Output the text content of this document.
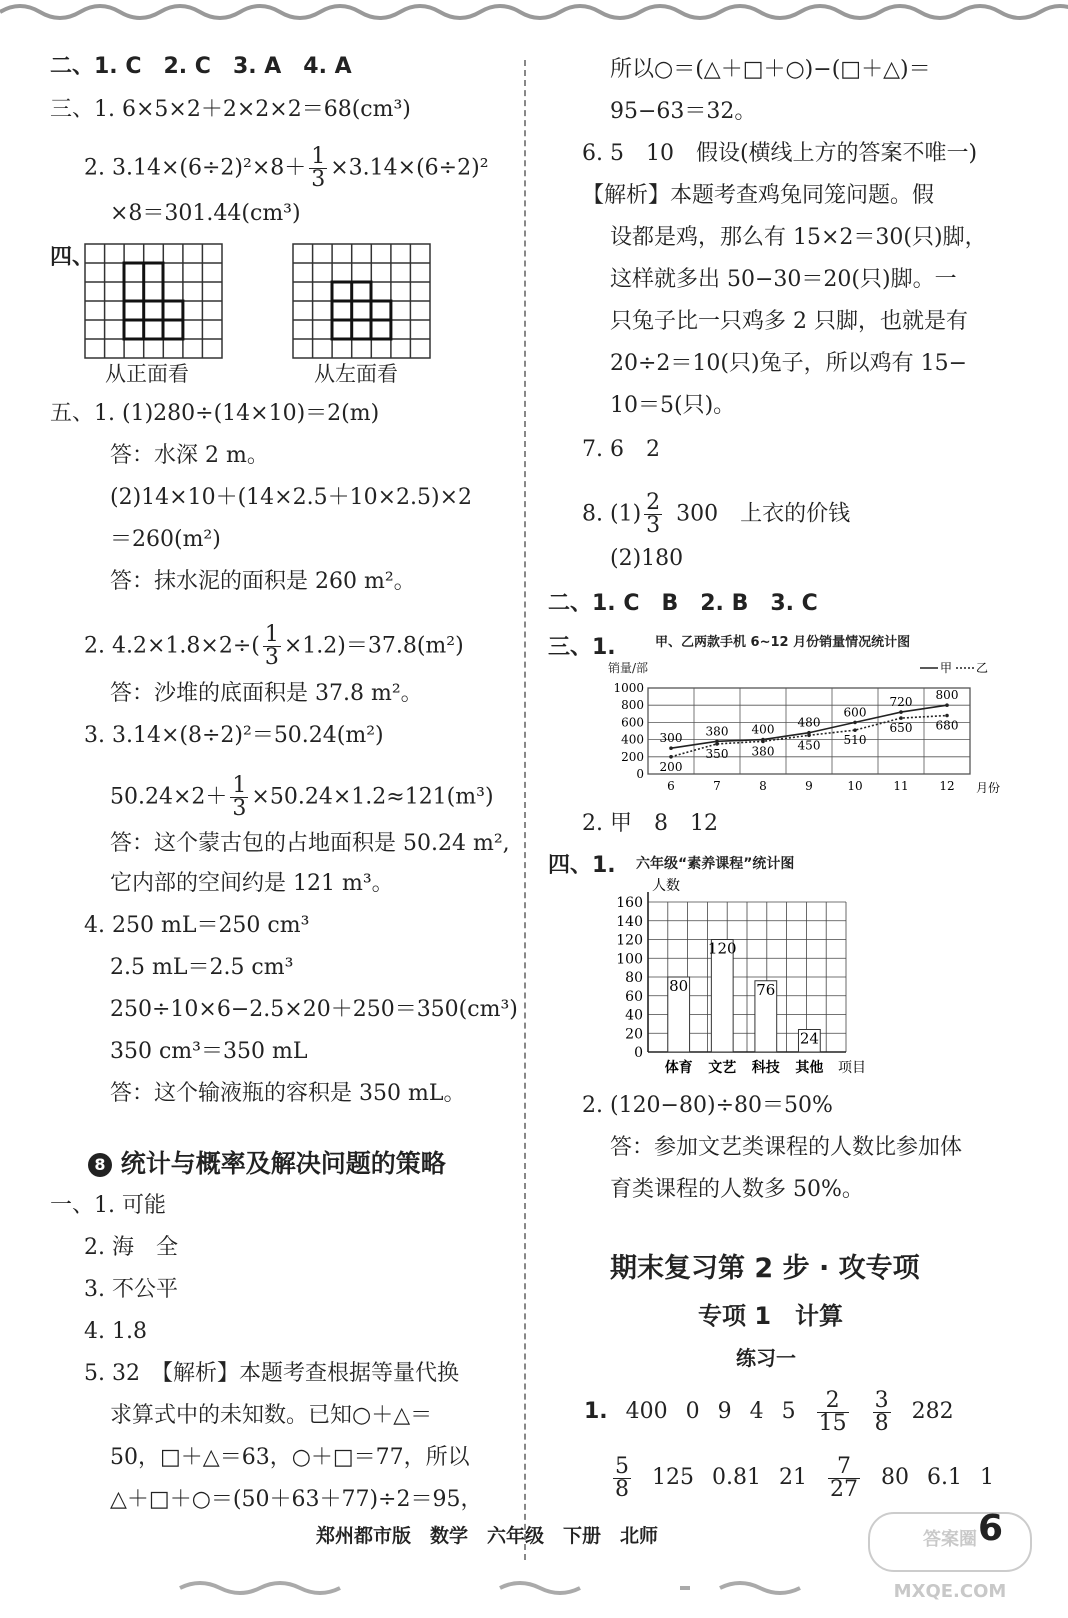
二、1. C　2. C　3. A　4. A
三、1. 6×5×2＋2×2×2＝68(cm³)
2. $3.14\times(6\div 2)^2\times 8+ \frac{1}{3} \times 3.14\times(6\div 2)^2$
×8＝301.44(cm³)
四、
从正面看	从左面看
五、1. (1)280÷(14×10)＝2(m)
答：水深 2 m。
(2)14×10＋(14×2.5＋10×2.5)×2
＝260(m²)
答：抹水泥的面积是 260 m²。
2. $4.2\times 1.8\times 2\div( \frac{1}{3} \times 1.2)=37.8(m^2)$
答：沙堆的底面积是 37.8 m²。
3. 3.14×(8÷2)²＝50.24(m²)
$50.24\times 2+ \frac{1}{3} \times 50.24\times 1.2\approx 121(m^3)$
答：这个蒙古包的占地面积是 50.24 m²,
它内部的空间约是 121 m³。
4. 250 mL＝250 cm³
2.5 mL＝2.5 cm³
250÷10×6−2.5×20＋250＝350(cm³)
350 cm³＝350 mL
答：这个输液瓶的容积是 350 mL。
8 统计与概率及解决问题的策略
一、1. 可能
2. 海　全
3. 不公平
4. 1.8
5. 32　【解析】本题考查根据等量代换
求算式中的未知数。已知○＋△＝
50，□＋△＝63，○＋□＝77，所以
△＋□＋○＝(50＋63＋77)÷2＝95，
所以○＝(△＋□＋○)−(□＋△)＝
95−63＝32。
6. 5　10　假设(横线上方的答案不唯一)
【解析】本题考查鸡兔同笼问题。假
设都是鸡，那么有 15×2＝30(只)脚，
这样就多出 50−30＝20(只)脚。一
只兔子比一只鸡多 2 只脚，也就是有
20÷2＝10(只)兔子，所以鸡有 15−
10＝5(只)。
7. 6　2
8. $(1) \frac{2}{3}$
  300　上衣的价钱
(2)180
二、1. C　B　2. B　3. C
三、1.	甲、乙两款手机 6~12 月份销量情况统计图
销量/部	甲 乙
0
200
400
600
800
1000
6	7	8	9	10	11	12
300 380 400 480
600
720 800
200
350 380 450 510
650 680
月份
2. 甲　8　12
四、1. 六年级“素养课程”统计图
人数
0
20
40
60
80
100
120
140
160
80
体育
120
文艺
76
科技
24
其他 项目
2. (120−80)÷80＝50%
答：参加文艺类课程的人数比参加体
育类课程的人数多 50%。
期末复习第 2 步 · 攻专项
专项 1　计算
练习一
1. 400 0 9 4 $5 \frac{2}{15} \frac{3}{8} 282$
$\frac{5}{8} 125$ 0.81 $21 \frac{7}{27} 80$ 6.1 1
答案圈 MXQE.COM
郑州都市版　数学　六年级　下册　北师	6
